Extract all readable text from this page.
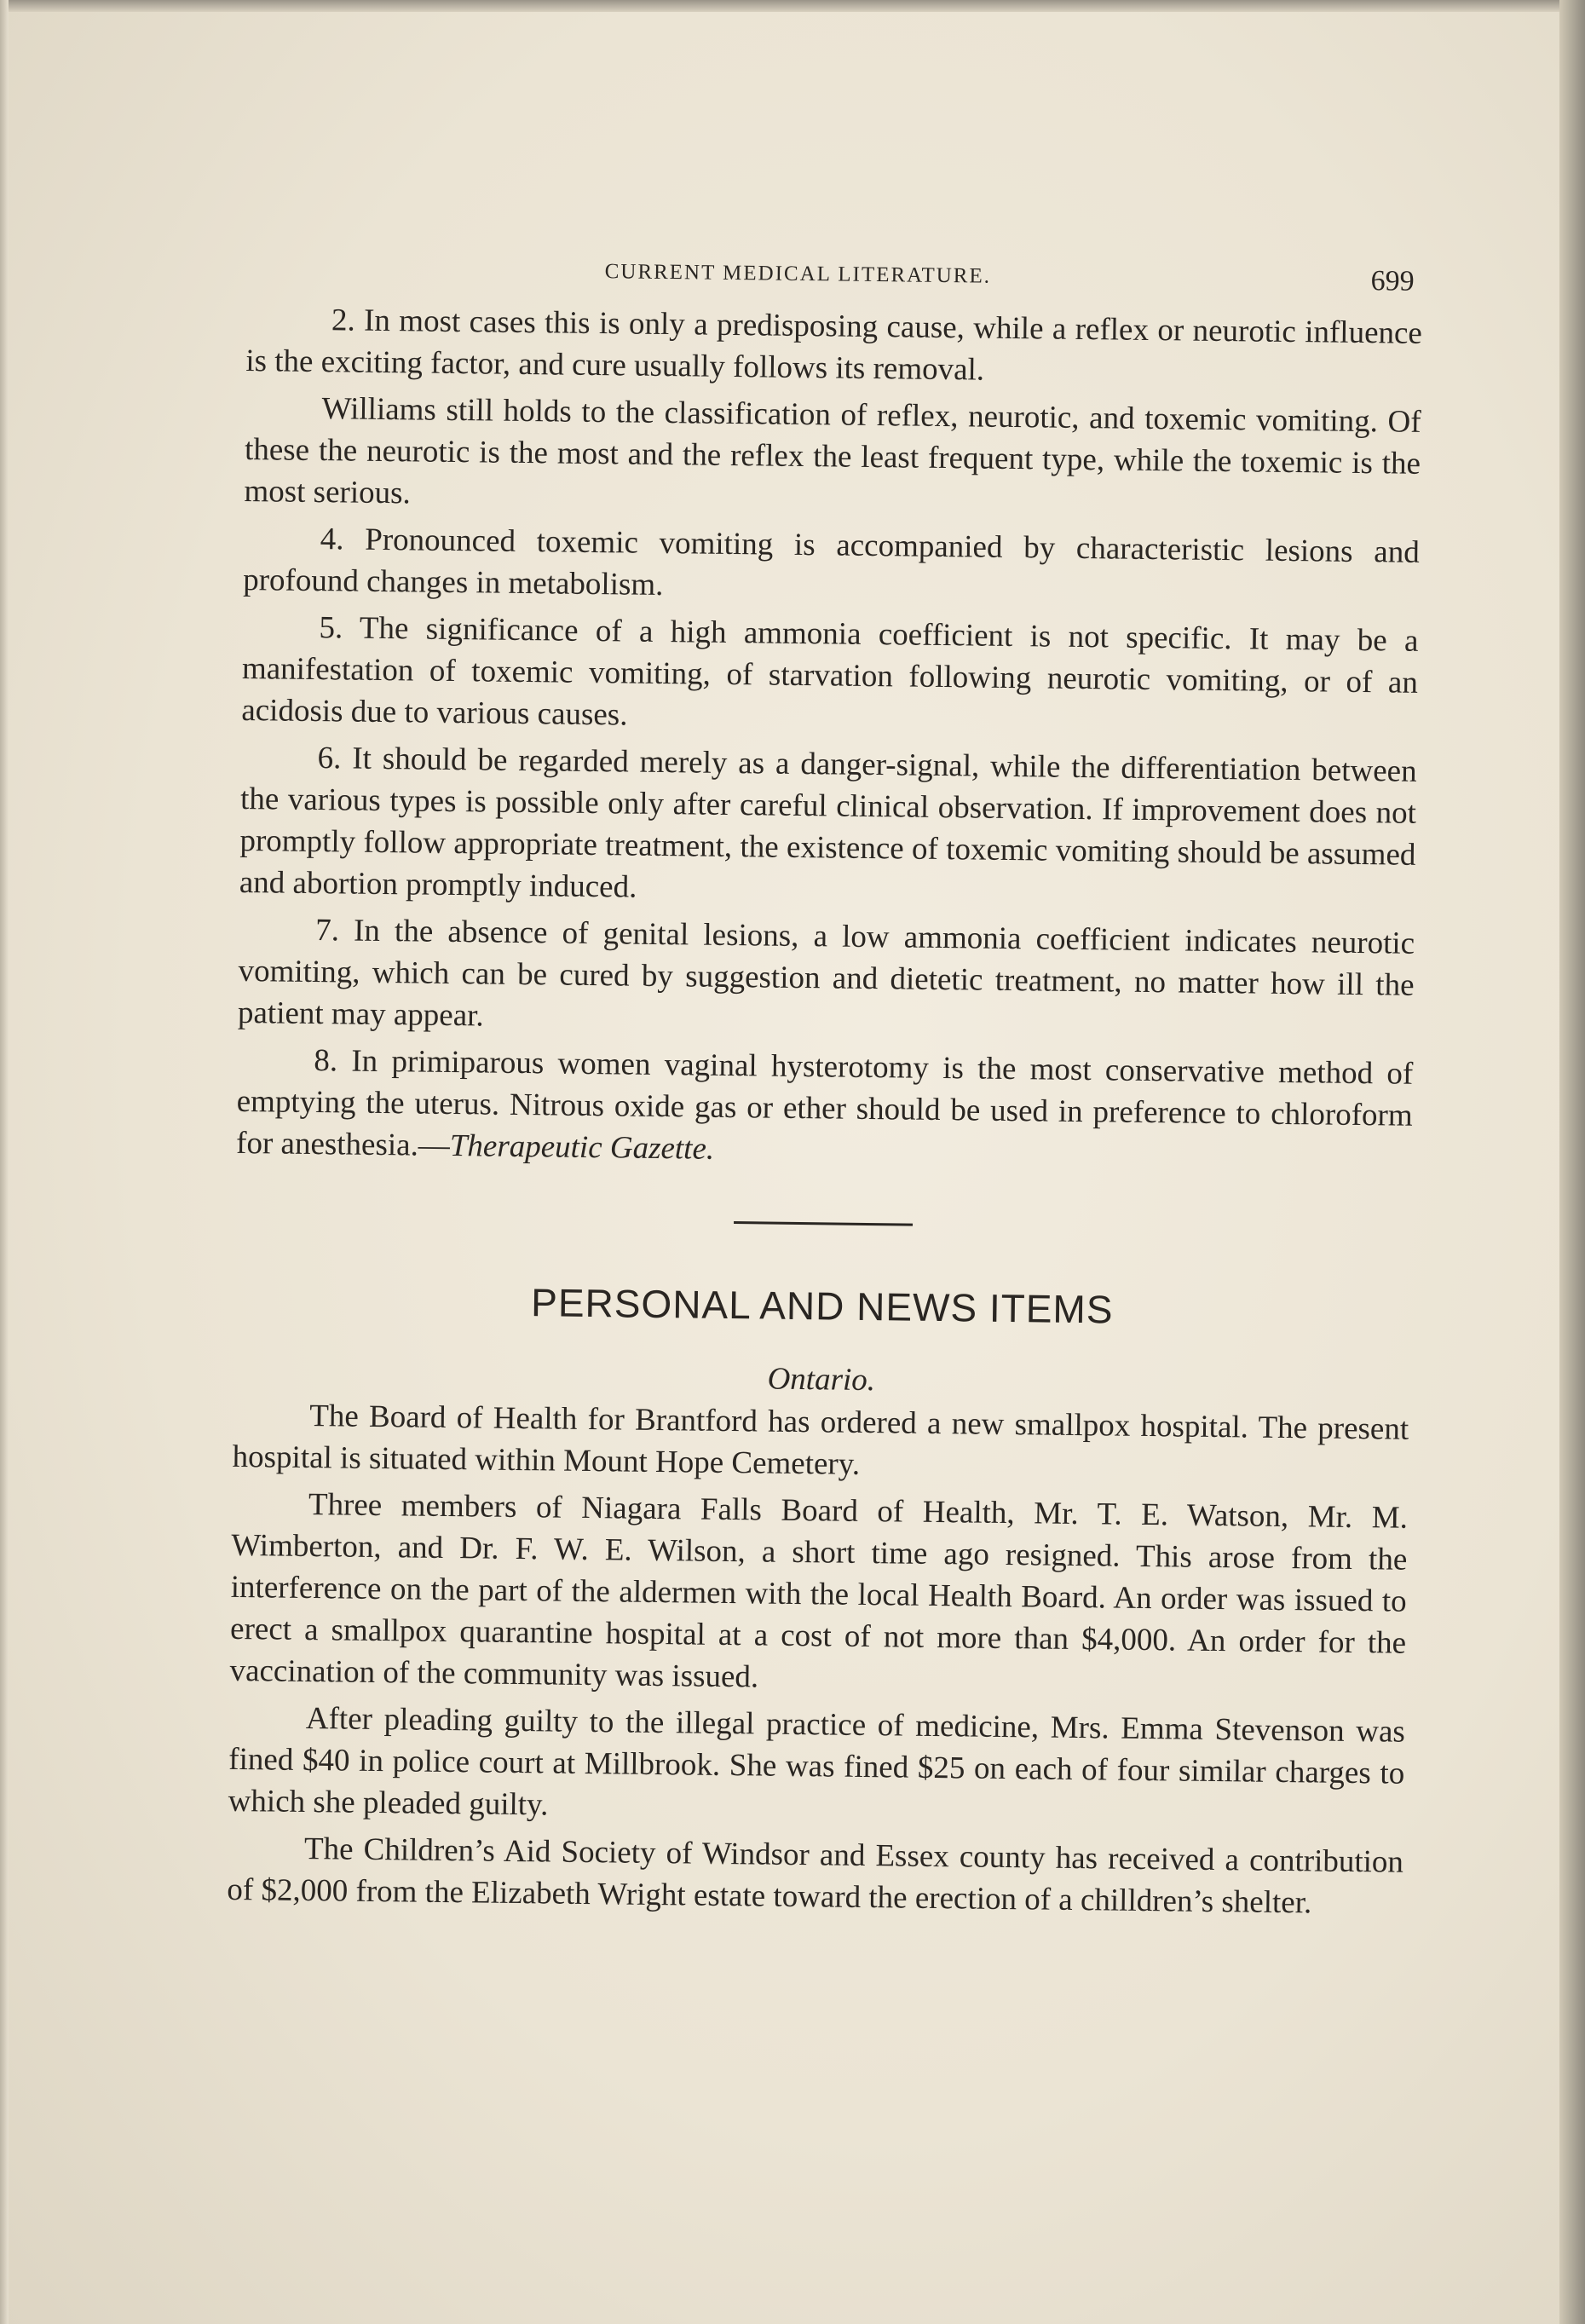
CURRENT MEDICAL LITERATURE.	699

2. In most cases this is only a predisposing cause, while a reflex or neurotic influence is the exciting factor, and cure usually follows its removal.

Williams still holds to the classification of reflex, neurotic, and toxemic vomiting. Of these the neurotic is the most and the reflex the least frequent type, while the toxemic is the most serious.

4. Pronounced toxemic vomiting is accompanied by characteristic lesions and profound changes in metabolism.

5. The significance of a high ammonia coefficient is not specific. It may be a manifestation of toxemic vomiting, of starvation following neurotic vomiting, or of an acidosis due to various causes.

6. It should be regarded merely as a danger-signal, while the differentiation between the various types is possible only after careful clinical observation. If improvement does not promptly follow appropriate treatment, the existence of toxemic vomiting should be assumed and abortion promptly induced.

7. In the absence of genital lesions, a low ammonia coefficient indicates neurotic vomiting, which can be cured by suggestion and dietetic treatment, no matter how ill the patient may appear.

8. In primiparous women vaginal hysterotomy is the most conservative method of emptying the uterus. Nitrous oxide gas or ether should be used in preference to chloroform for anesthesia.—Therapeutic Gazette.

PERSONAL AND NEWS ITEMS
Ontario.

The Board of Health for Brantford has ordered a new smallpox hospital. The present hospital is situated within Mount Hope Cemetery.

Three members of Niagara Falls Board of Health, Mr. T. E. Watson, Mr. M. Wimberton, and Dr. F. W. E. Wilson, a short time ago resigned. This arose from the interference on the part of the aldermen with the local Health Board. An order was issued to erect a smallpox quarantine hospital at a cost of not more than $4,000. An order for the vaccination of the community was issued.

After pleading guilty to the illegal practice of medicine, Mrs. Emma Stevenson was fined $40 in police court at Millbrook. She was fined $25 on each of four similar charges to which she pleaded guilty.

The Children’s Aid Society of Windsor and Essex county has received a contribution of $2,000 from the Elizabeth Wright estate toward the erection of a chilldren’s shelter.
